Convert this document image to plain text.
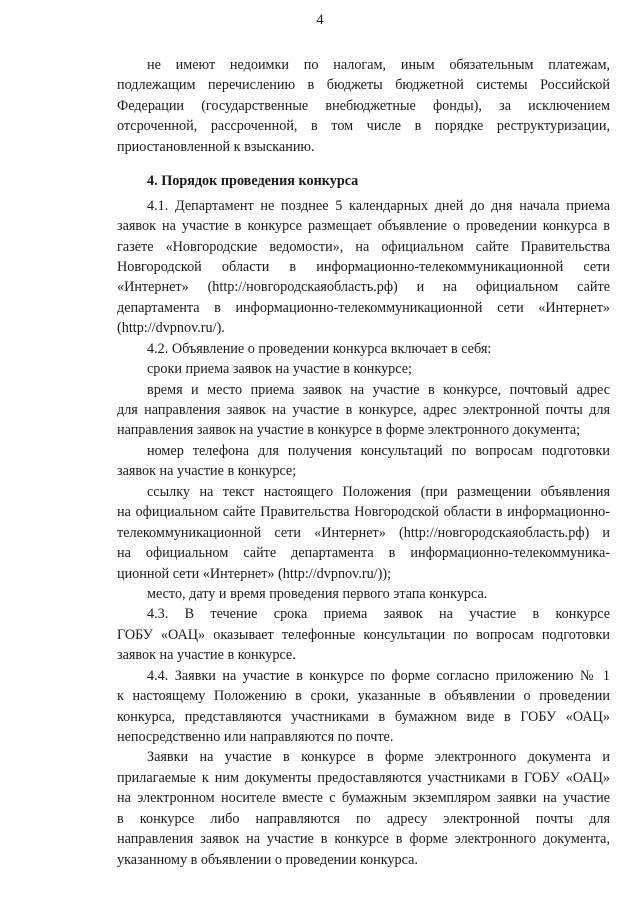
4
не имеют недоимки по налогам, иным обязательным платежам,
подлежащим перечислению в бюджеты бюджетной системы Российской
Федерации (государственные внебюджетные фонды), за исключением
отсроченной, рассроченной, в том числе в порядке реструктуризации,
приостановленной к взысканию.
4. Порядок проведения конкурса
4.1. Департамент не позднее 5 календарных дней до дня начала приема
заявок на участие в конкурсе размещает объявление о проведении конкурса в
газете «Новгородские ведомости», на официальном сайте Правительства
Новгородской области в информационно-телекоммуникационной сети
«Интернет» (http://новгородскаяобласть.рф) и на официальном сайте
департамента в информационно-телекоммуникационной сети «Интернет»
(http://dvpnov.ru/).
4.2. Объявление о проведении конкурса включает в себя:
сроки приема заявок на участие в конкурсе;
время и место приема заявок на участие в конкурсе, почтовый адрес
для направления заявок на участие в конкурсе, адрес электронной почты для
направления заявок на участие в конкурсе в форме электронного документа;
номер телефона для получения консультаций по вопросам подготовки
заявок на участие в конкурсе;
ссылку на текст настоящего Положения (при размещении объявления
на официальном сайте Правительства Новгородской области в информационно-
телекоммуникационной сети «Интернет» (http://новгородскаяобласть.рф) и
на официальном сайте департамента в информационно-телекоммуника-
ционной сети «Интернет» (http://dvpnov.ru/));
место, дату и время проведения первого этапа конкурса.
4.3. В течение срока приема заявок на участие в конкурсе
ГОБУ «ОАЦ» оказывает телефонные консультации по вопросам подготовки
заявок на участие в конкурсе.
4.4. Заявки на участие в конкурсе по форме согласно приложению № 1
к настоящему Положению в сроки, указанные в объявлении о проведении
конкурса, представляются участниками в бумажном виде в ГОБУ «ОАЦ»
непосредственно или направляются по почте.
Заявки на участие в конкурсе в форме электронного документа и
прилагаемые к ним документы предоставляются участниками в ГОБУ «ОАЦ»
на электронном носителе вместе с бумажным экземпляром заявки на участие
в конкурсе либо направляются по адресу электронной почты для
направления заявок на участие в конкурсе в форме электронного документа,
указанному в объявлении о проведении конкурса.
